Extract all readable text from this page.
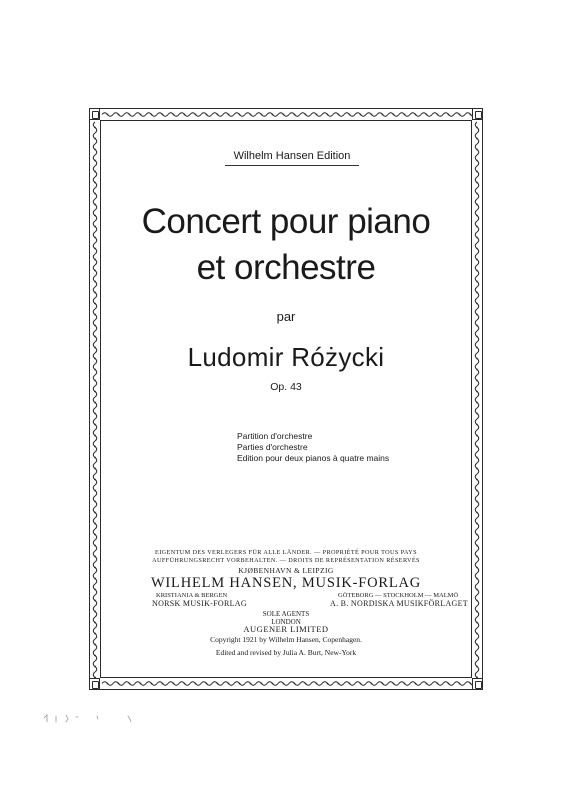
Wilhelm Hansen Edition
Concert pour piano
et orchestre
par
Ludomir Różycki
Op. 43
Partition d'orchestre
Parties d'orchestre
Edition pour deux pianos à quatre mains
EIGENTUM DES VERLEGERS FÜR ALLE LÄNDER. — PROPRIÉTÉ POUR TOUS PAYS
AUFFÜHRUNGSRECHT VORBEHALTEN. — DROITS DE REPRÉSENTATION RÉSERVÉS
KJØBENHAVN & LEIPZIG
WILHELM HANSEN, MUSIK-FORLAG
KRISTIANIA & BERGEN
NORSK MUSIK-FORLAG
GÖTEBORG — STOCKHOLM — MALMÖ
A. B. NORDISKA MUSIKFÖRLAGET
SOLE AGENTS
LONDON
AUGENER LIMITED
Copyright 1921 by Wilhelm Hansen, Copenhagen.
Edited and revised by Julia A. Burt, New-York
